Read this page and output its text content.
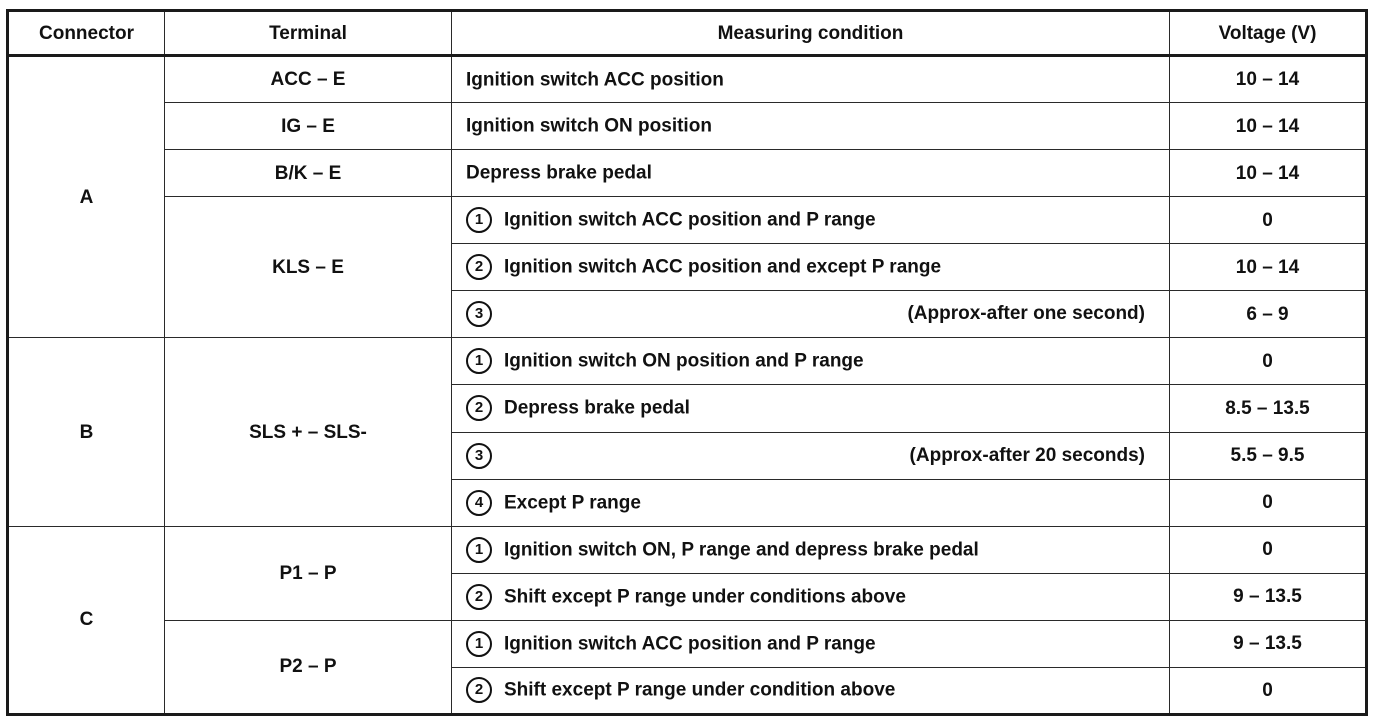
Connector	Terminal	Measuring condition	Voltage (V)
A	ACC – E	Ignition switch ACC position	10 – 14
	IG – E	Ignition switch ON position	10 – 14
	B/K – E	Depress brake pedal	10 – 14
	KLS – E	1 Ignition switch ACC position and P range	0
		2 Ignition switch ACC position and except P range	10 – 14
		3 (Approx-after one second)	6 – 9
B	SLS + – SLS-	1 Ignition switch ON position and P range	0
		2 Depress brake pedal	8.5 – 13.5
		3 (Approx-after 20 seconds)	5.5 – 9.5
		4 Except P range	0
C	P1 – P	1 Ignition switch ON, P range and depress brake pedal	0
		2 Shift except P range under conditions above	9 – 13.5
	P2 – P	1 Ignition switch ACC position and P range	9 – 13.5
		2 Shift except P range under condition above	0
